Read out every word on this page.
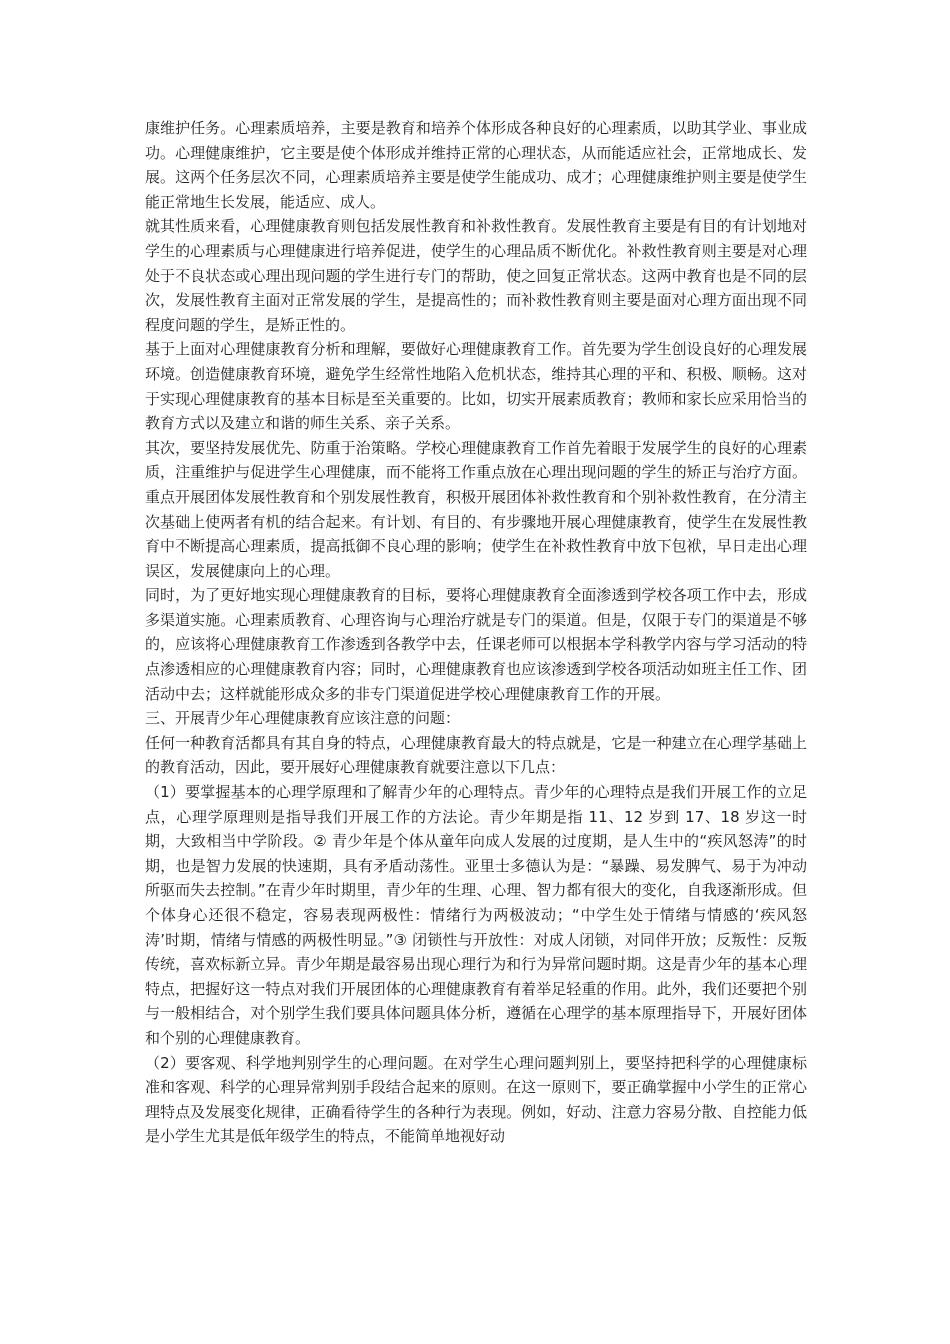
康维护任务。心理素质培养，主要是教育和培养个体形成各种良好的心理素质，以助其学业、事业成功。心理健康维护，它主要是使个体形成并维持正常的心理状态，从而能适应社会，正常地成长、发展。这两个任务层次不同，心理素质培养主要是使学生能成功、成才；心理健康维护则主要是使学生能正常地生长发展，能适应、成人。

就其性质来看，心理健康教育则包括发展性教育和补救性教育。发展性教育主要是有目的有计划地对学生的心理素质与心理健康进行培养促进，使学生的心理品质不断优化。补救性教育则主要是对心理处于不良状态或心理出现问题的学生进行专门的帮助，使之回复正常状态。这两中教育也是不同的层次，发展性教育主面对正常发展的学生，是提高性的；而补救性教育则主要是面对心理方面出现不同程度问题的学生，是矫正性的。

基于上面对心理健康教育分析和理解，要做好心理健康教育工作。首先要为学生创设良好的心理发展环境。创造健康教育环境，避免学生经常性地陷入危机状态，维持其心理的平和、积极、顺畅。这对于实现心理健康教育的基本目标是至关重要的。比如，切实开展素质教育；教师和家长应采用恰当的教育方式以及建立和谐的师生关系、亲子关系。

其次，要坚持发展优先、防重于治策略。学校心理健康教育工作首先着眼于发展学生的良好的心理素质，注重维护与促进学生心理健康，而不能将工作重点放在心理出现问题的学生的矫正与治疗方面。重点开展团体发展性教育和个别发展性教育，积极开展团体补救性教育和个别补救性教育，在分清主次基础上使两者有机的结合起来。有计划、有目的、有步骤地开展心理健康教育，使学生在发展性教育中不断提高心理素质，提高抵御不良心理的影响；使学生在补救性教育中放下包袱，早日走出心理误区，发展健康向上的心理。

同时，为了更好地实现心理健康教育的目标，要将心理健康教育全面渗透到学校各项工作中去，形成多渠道实施。心理素质教育、心理咨询与心理治疗就是专门的渠道。但是，仅限于专门的渠道是不够的，应该将心理健康教育工作渗透到各教学中去，任课老师可以根据本学科教学内容与学习活动的特点渗透相应的心理健康教育内容；同时，心理健康教育也应该渗透到学校各项活动如班主任工作、团活动中去；这样就能形成众多的非专门渠道促进学校心理健康教育工作的开展。

三、开展青少年心理健康教育应该注意的问题：

任何一种教育活都具有其自身的特点，心理健康教育最大的特点就是，它是一种建立在心理学基础上的教育活动，因此，要开展好心理健康教育就要注意以下几点：

（1）要掌握基本的心理学原理和了解青少年的心理特点。青少年的心理特点是我们开展工作的立足点，心理学原理则是指导我们开展工作的方法论。青少年期是指 11、12 岁到 17、18 岁这一时期，大致相当中学阶段。② 青少年是个体从童年向成人发展的过度期，是人生中的“疾风怒涛”的时期，也是智力发展的快速期，具有矛盾动荡性。亚里士多德认为是：“暴躁、易发脾气、易于为冲动所驱而失去控制。”在青少年时期里，青少年的生理、心理、智力都有很大的变化，自我逐渐形成。但个体身心还很不稳定，容易表现两极性：情绪行为两极波动；“中学生处于情绪与情感的‘疾风怒涛’时期，情绪与情感的两极性明显。”③ 闭锁性与开放性：对成人闭锁，对同伴开放；反叛性：反叛传统，喜欢标新立异。青少年期是最容易出现心理行为和行为异常问题时期。这是青少年的基本心理特点，把握好这一特点对我们开展团体的心理健康教育有着举足轻重的作用。此外，我们还要把个别与一般相结合，对个别学生我们要具体问题具体分析，遵循在心理学的基本原理指导下，开展好团体和个别的心理健康教育。

（2）要客观、科学地判别学生的心理问题。在对学生心理问题判别上，要坚持把科学的心理健康标准和客观、科学的心理异常判别手段结合起来的原则。在这一原则下，要正确掌握中小学生的正常心理特点及发展变化规律，正确看待学生的各种行为表现。例如，好动、注意力容易分散、自控能力低是小学生尤其是低年级学生的特点，不能简单地视好动
